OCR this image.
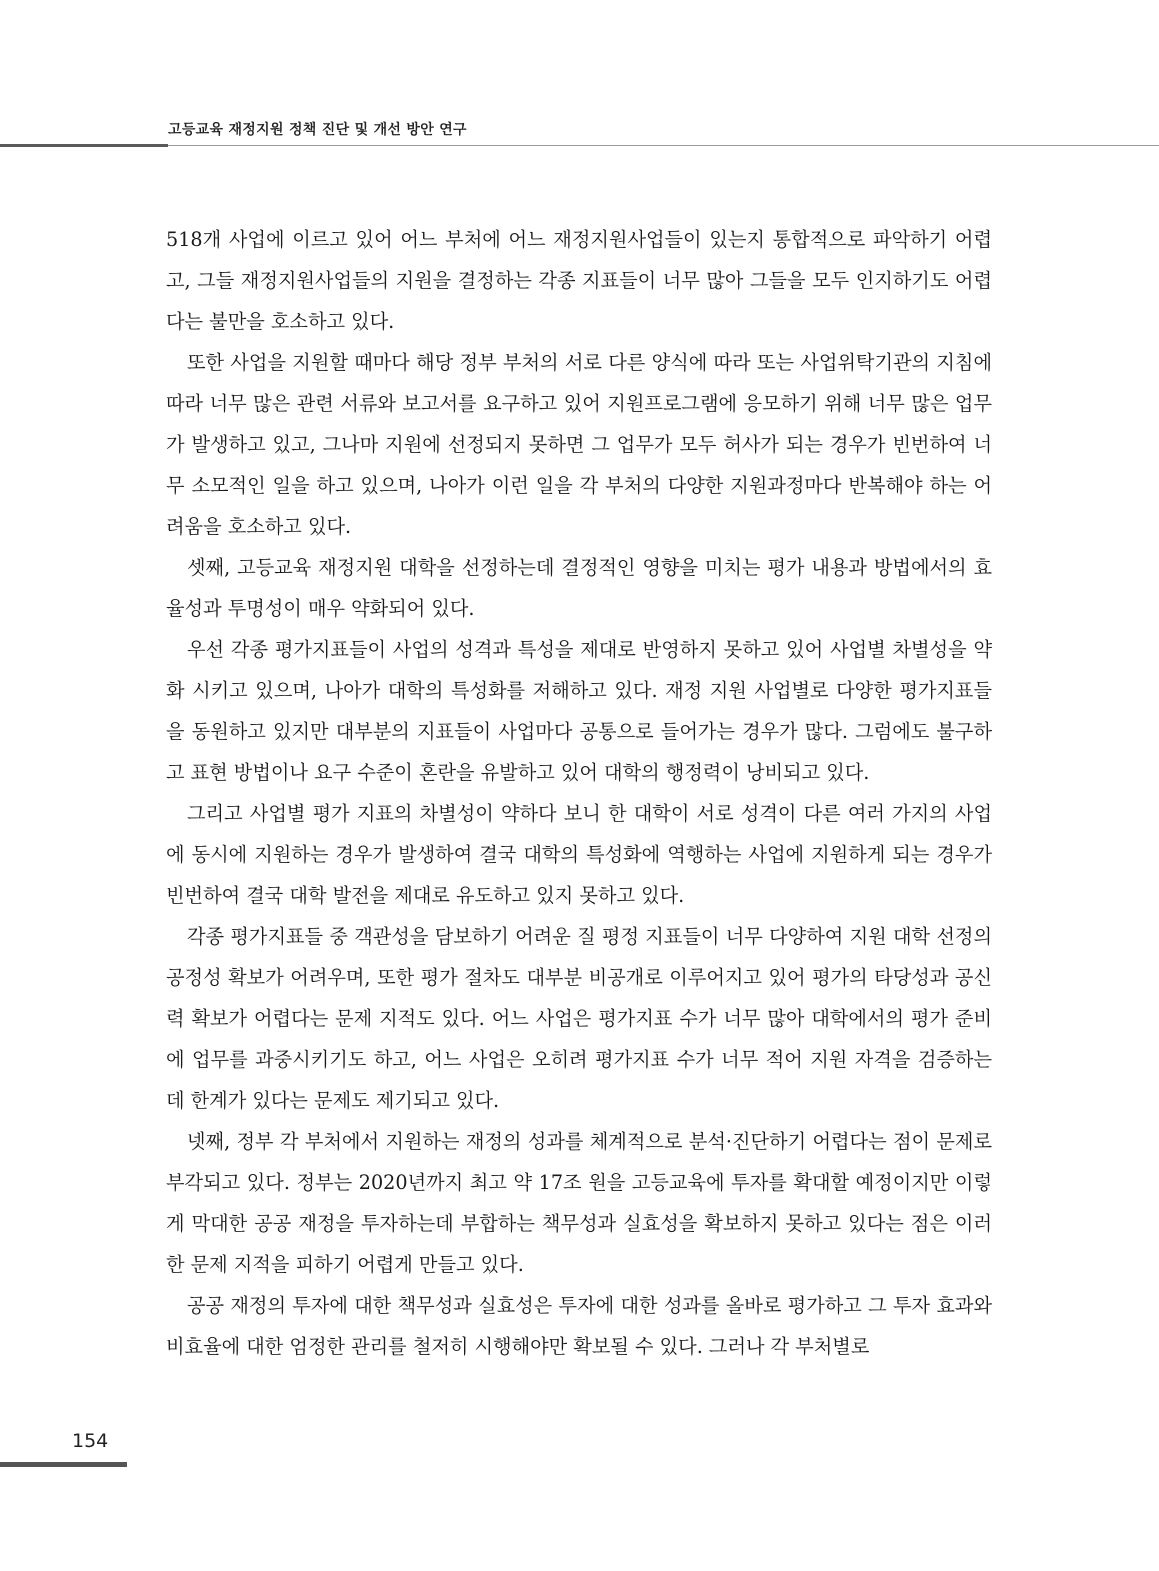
고등교육 재정지원 정책 진단 및 개선 방안 연구

518개 사업에 이르고 있어 어느 부처에 어느 재정지원사업들이 있는지 통합적으로 파악하기 어렵고, 그들 재정지원사업들의 지원을 결정하는 각종 지표들이 너무 많아 그들을 모두 인지하기도 어렵다는 불만을 호소하고 있다.

또한 사업을 지원할 때마다 해당 정부 부처의 서로 다른 양식에 따라 또는 사업위탁기관의 지침에 따라 너무 많은 관련 서류와 보고서를 요구하고 있어 지원프로그램에 응모하기 위해 너무 많은 업무가 발생하고 있고, 그나마 지원에 선정되지 못하면 그 업무가 모두 허사가 되는 경우가 빈번하여 너무 소모적인 일을 하고 있으며, 나아가 이런 일을 각 부처의 다양한 지원과정마다 반복해야 하는 어려움을 호소하고 있다.

셋째, 고등교육 재정지원 대학을 선정하는데 결정적인 영향을 미치는 평가 내용과 방법에서의 효율성과 투명성이 매우 약화되어 있다.

우선 각종 평가지표들이 사업의 성격과 특성을 제대로 반영하지 못하고 있어 사업별 차별성을 약화 시키고 있으며, 나아가 대학의 특성화를 저해하고 있다. 재정 지원 사업별로 다양한 평가지표들을 동원하고 있지만 대부분의 지표들이 사업마다 공통으로 들어가는 경우가 많다. 그럼에도 불구하고 표현 방법이나 요구 수준이 혼란을 유발하고 있어 대학의 행정력이 낭비되고 있다.

그리고 사업별 평가 지표의 차별성이 약하다 보니 한 대학이 서로 성격이 다른 여러 가지의 사업에 동시에 지원하는 경우가 발생하여 결국 대학의 특성화에 역행하는 사업에 지원하게 되는 경우가 빈번하여 결국 대학 발전을 제대로 유도하고 있지 못하고 있다.

각종 평가지표들 중 객관성을 담보하기 어려운 질 평정 지표들이 너무 다양하여 지원 대학 선정의 공정성 확보가 어려우며, 또한 평가 절차도 대부분 비공개로 이루어지고 있어 평가의 타당성과 공신력 확보가 어렵다는 문제 지적도 있다. 어느 사업은 평가지표 수가 너무 많아 대학에서의 평가 준비에 업무를 과중시키기도 하고, 어느 사업은 오히려 평가지표 수가 너무 적어 지원 자격을 검증하는데 한계가 있다는 문제도 제기되고 있다.

넷째, 정부 각 부처에서 지원하는 재정의 성과를 체계적으로 분석·진단하기 어렵다는 점이 문제로 부각되고 있다. 정부는 2020년까지 최고 약 17조 원을 고등교육에 투자를 확대할 예정이지만 이렇게 막대한 공공 재정을 투자하는데 부합하는 책무성과 실효성을 확보하지 못하고 있다는 점은 이러한 문제 지적을 피하기 어렵게 만들고 있다.

공공 재정의 투자에 대한 책무성과 실효성은 투자에 대한 성과를 올바로 평가하고 그 투자 효과와 비효율에 대한 엄정한 관리를 철저히 시행해야만 확보될 수 있다. 그러나 각 부처별로

154
